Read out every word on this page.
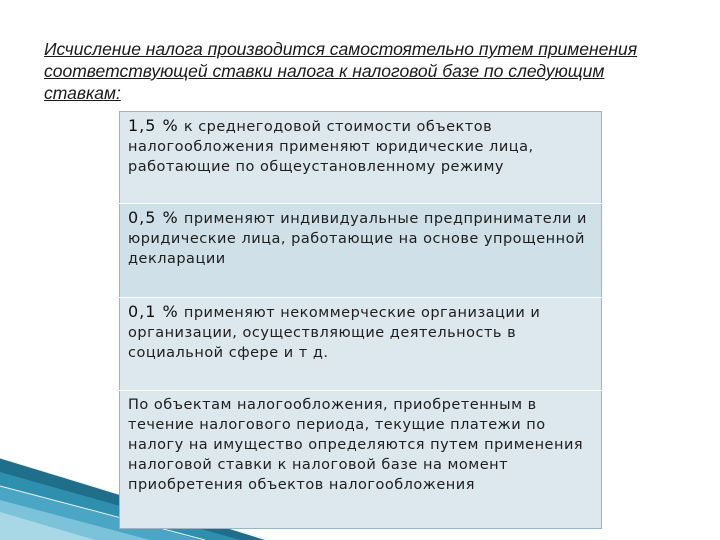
Исчисление налога производится самостоятельно путем применения соответствующей ставки налога к налоговой базе по следующим ставкам:

1,5 % к среднегодовой стоимости объектов налогообложения применяют юридические лица, работающие по общеустановленному режиму
0,5 % применяют индивидуальные предприниматели и юридические лица, работающие на основе упрощенной декларации
0,1 % применяют некоммерческие организации и организации, осуществляющие деятельность в социальной сфере и т д.
По объектам налогообложения, приобретенным в течение налогового периода, текущие платежи по налогу на имущество определяются путем применения налоговой ставки к налоговой базе на момент приобретения объектов налогообложения
